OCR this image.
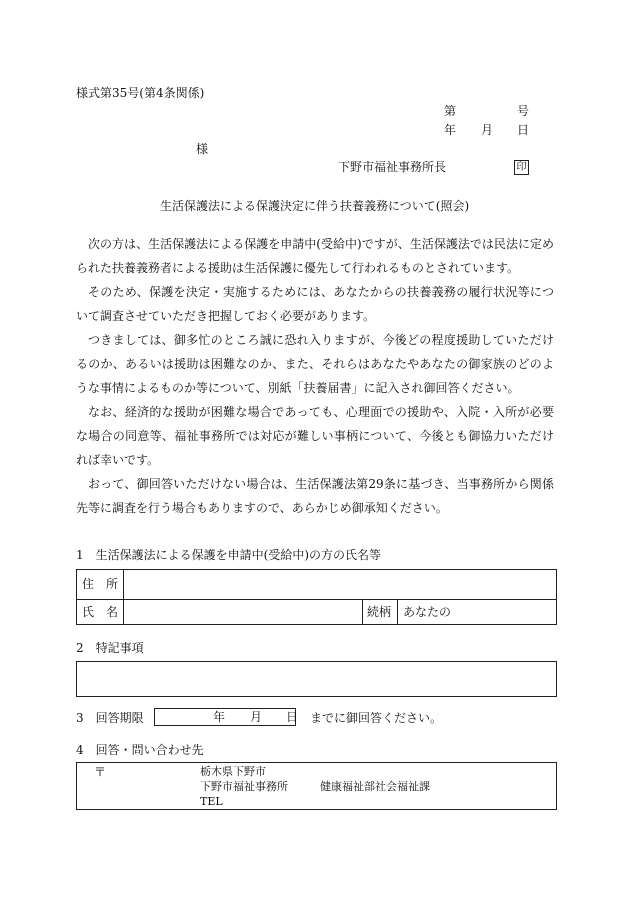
様式第35号(第4条関係)
第	号
年 月 日
様
下野市福祉事務所長	印
生活保護法による保護決定に伴う扶養義務について(照会)
次の方は、生活保護法による保護を申請中(受給中)ですが、生活保護法では民法に定められた扶養義務者による援助は生活保護に優先して行われるものとされています。
そのため、保護を決定・実施するためには、あなたからの扶養義務の履行状況等について調査させていただき把握しておく必要があります。
つきましては、御多忙のところ誠に恐れ入りますが、今後どの程度援助していただけるのか、あるいは援助は困難なのか、また、それらはあなたやあなたの御家族のどのような事情によるものか等について、別紙「扶養届書」に記入され御回答ください。
なお、経済的な援助が困難な場合であっても、心理面での援助や、入院・入所が必要な場合の同意等、福祉事務所では対応が難しい事柄について、今後とも御協力いただければ幸いです。
おって、御回答いただけない場合は、生活保護法第29条に基づき、当事務所から関係先等に調査を行う場合もありますので、あらかじめ御承知ください。
1　生活保護法による保護を申請中(受給中)の方の氏名等
住　所
氏　名	続柄 あなたの
2　特記事項
3　回答期限	年 月 日 までに御回答ください。
4　回答・問い合わせ先
〒	栃木県下野市
下野市福祉事務所	健康福祉部社会福祉課
TEL
